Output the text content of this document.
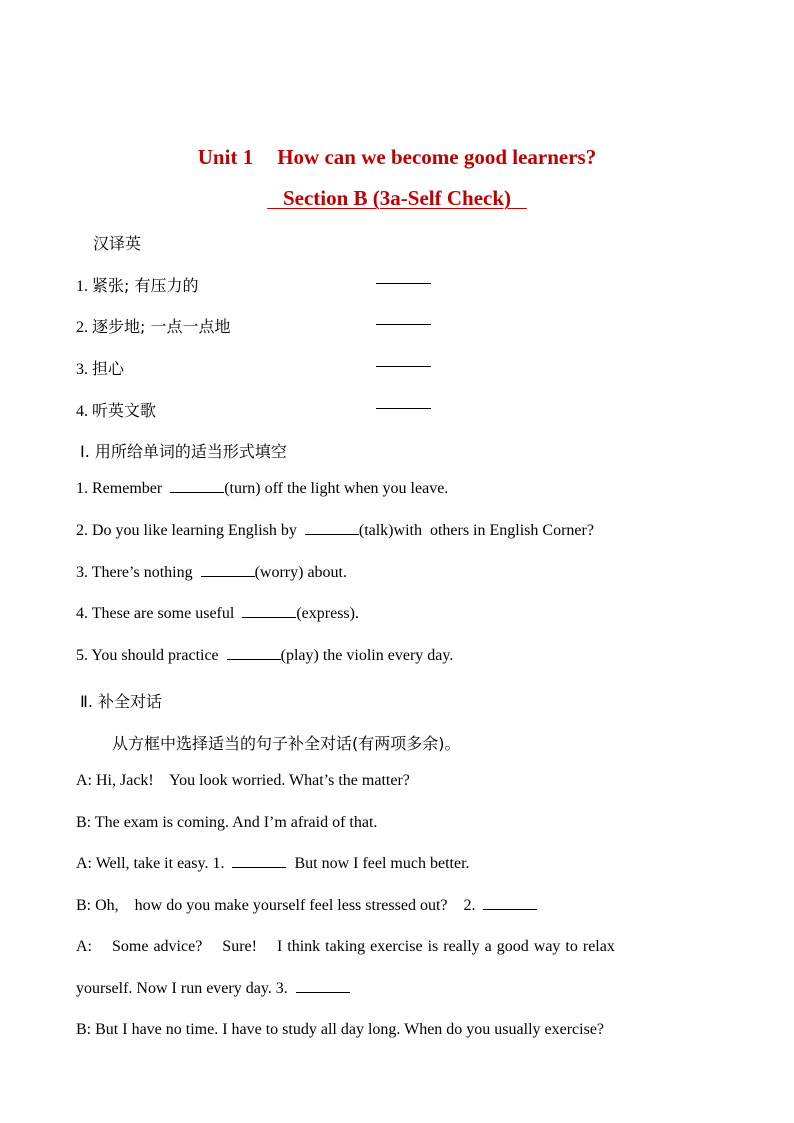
Unit 1 How can we become good learners?
Section B (3a-Self Check)
汉译英
1. 紧张; 有压力的
2. 逐步地; 一点一点地
3. 担心
4. 听英文歌
Ⅰ. 用所给单词的适当形式填空
1. Remember	(turn) off the light when you leave.
2. Do you like learning English by	(talk)with others in English Corner?
3. There’s nothing	(worry) about.
4. These are some useful	(express).
5. You should practice	(play) the violin every day.
Ⅱ. 补全对话
从方框中选择适当的句子补全对话(有两项多余)。
A: Hi, Jack!    You look worried. What’s the matter?
B: The exam is coming. And I’m afraid of that.
A: Well, take it easy. 1.	But now I feel much better.
B: Oh,    how do you make yourself feel less stressed out?    2.
A:    Some advice?    Sure!    I think taking exercise is really a good way to relax
yourself. Now I run every day. 3.
B: But I have no time. I have to study all day long. When do you usually exercise?
